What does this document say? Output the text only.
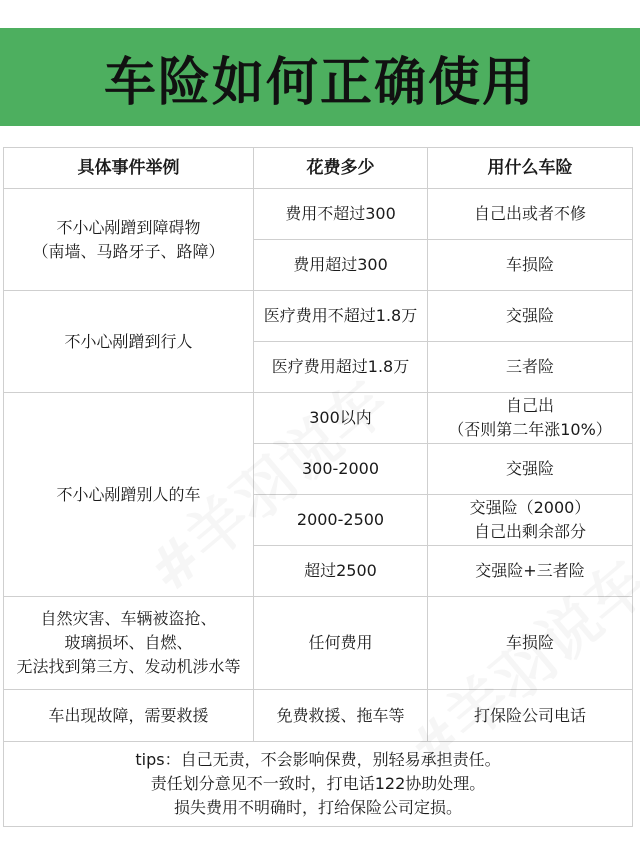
车险如何正确使用
具体事件举例	花费多少	用什么车险
不小心剐蹭到障碍物
（南墙、马路牙子、路障）	费用不超过300	自己出或者不修
	费用超过300	车损险
不小心剐蹭到行人	医疗费用不超过1.8万	交强险
	医疗费用超过1.8万	三者险
不小心剐蹭别人的车	300以内	自己出
（否则第二年涨10%）
	300-2000	交强险
	2000-2500	交强险（2000）
自己出剩余部分
	超过2500	交强险+三者险
自然灾害、车辆被盗抢、
玻璃损坏、自燃、
无法找到第三方、发动机涉水等	任何费用	车损险
车出现故障，需要救援	免费救援、拖车等	打保险公司电话
tips：自己无责，不会影响保费，别轻易承担责任。
责任划分意见不一致时，打电话122协助处理。
损失费用不明确时，打给保险公司定损。		
